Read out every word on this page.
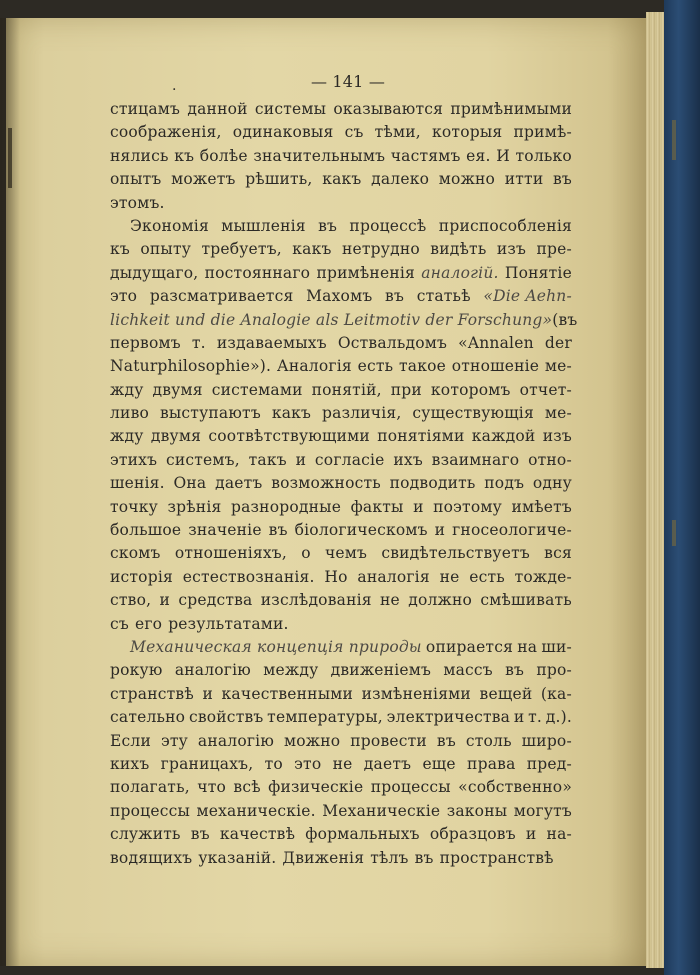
.	— 141 —
стицамъ данной системы оказываются примѣнимыми
соображенія, одинаковыя съ тѣми, которыя примѣ-
нялись къ болѣе значительнымъ частямъ ея. И только
опытъ можетъ рѣшить, какъ далеко можно итти въ
этомъ.
Экономія мышленія въ процессѣ приспособленія
къ опыту требуетъ, какъ нетрудно видѣть изъ пре-
дыдущаго, постояннаго примѣненія аналогій. Понятіе
это разсматривается Махомъ въ статьѣ «Die Aehn-
lichkeit und die Analogie als Leitmotiv der Forschung» (въ
первомъ т. издаваемыхъ Оствальдомъ «Annalen der
Naturphilosophie»). Аналогія есть такое отношеніе ме-
жду двумя системами понятій, при которомъ отчет-
ливо выступаютъ какъ различія, существующія ме-
жду двумя соотвѣтствующими понятіями каждой изъ
этихъ системъ, такъ и согласіе ихъ взаимнаго отно-
шенія. Она даетъ возможность подводить подъ одну
точку зрѣнія разнородные факты и поэтому имѣетъ
большое значеніе въ біологическомъ и гносеологиче-
скомъ отношеніяхъ, о чемъ свидѣтельствуетъ вся
исторія естествознанія. Но аналогія не есть тожде-
ство, и средства изслѣдованія не должно смѣшивать
съ его результатами.
Механическая концепція природы опирается на ши-
рокую аналогію между движеніемъ массъ въ про-
странствѣ и качественными измѣненіями вещей (ка-
сательно свойствъ температуры, электричества и т. д.).
Если эту аналогію можно провести въ столь широ-
кихъ границахъ, то это не даетъ еще права пред-
полагать, что всѣ физическіе процессы «собственно»
процессы механическіе. Механическіе законы могутъ
служить въ качествѣ формальныхъ образцовъ и на-
водящихъ указаній. Движенія тѣлъ въ пространствѣ
